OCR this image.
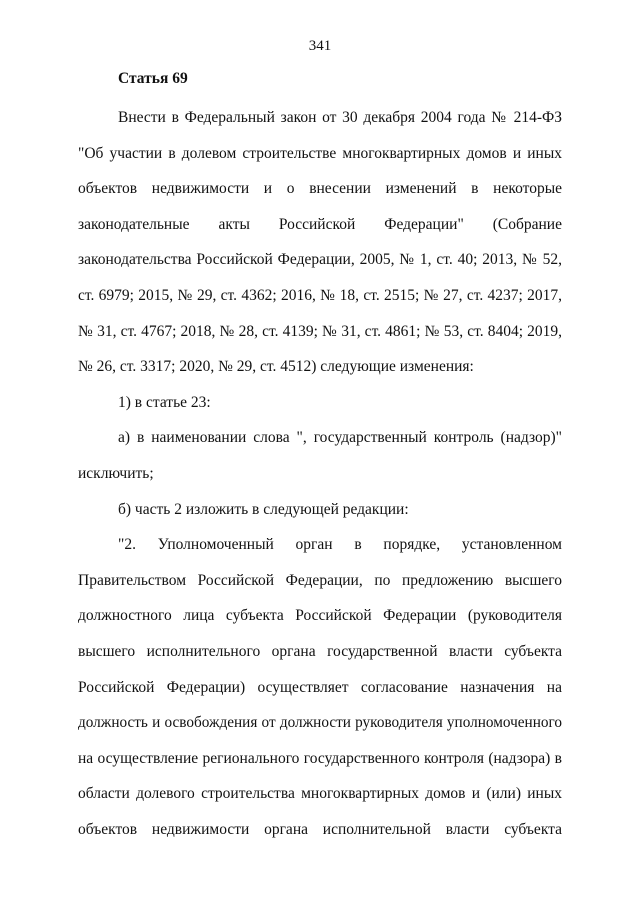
341
Статья 69
Внести в Федеральный закон от 30 декабря 2004 года № 214-ФЗ
"Об участии в долевом строительстве многоквартирных домов и иных
объектов недвижимости и о внесении изменений в некоторые
законодательные акты Российской Федерации" (Собрание
законодательства Российской Федерации, 2005, № 1, ст. 40; 2013, № 52,
ст. 6979; 2015, № 29, ст. 4362; 2016, № 18, ст. 2515; № 27, ст. 4237; 2017,
№ 31, ст. 4767; 2018, № 28, ст. 4139; № 31, ст. 4861; № 53, ст. 8404; 2019,
№ 26, ст. 3317; 2020, № 29, ст. 4512) следующие изменения:
1) в статье 23:
а) в наименовании слова ", государственный контроль (надзор)"
исключить;
б) часть 2 изложить в следующей редакции:
"2. Уполномоченный орган в порядке, установленном
Правительством Российской Федерации, по предложению высшего
должностного лица субъекта Российской Федерации (руководителя
высшего исполнительного органа государственной власти субъекта
Российской Федерации) осуществляет согласование назначения на
должность и освобождения от должности руководителя уполномоченного
на осуществление регионального государственного контроля (надзора) в
области долевого строительства многоквартирных домов и (или) иных
объектов недвижимости органа исполнительной власти субъекта
